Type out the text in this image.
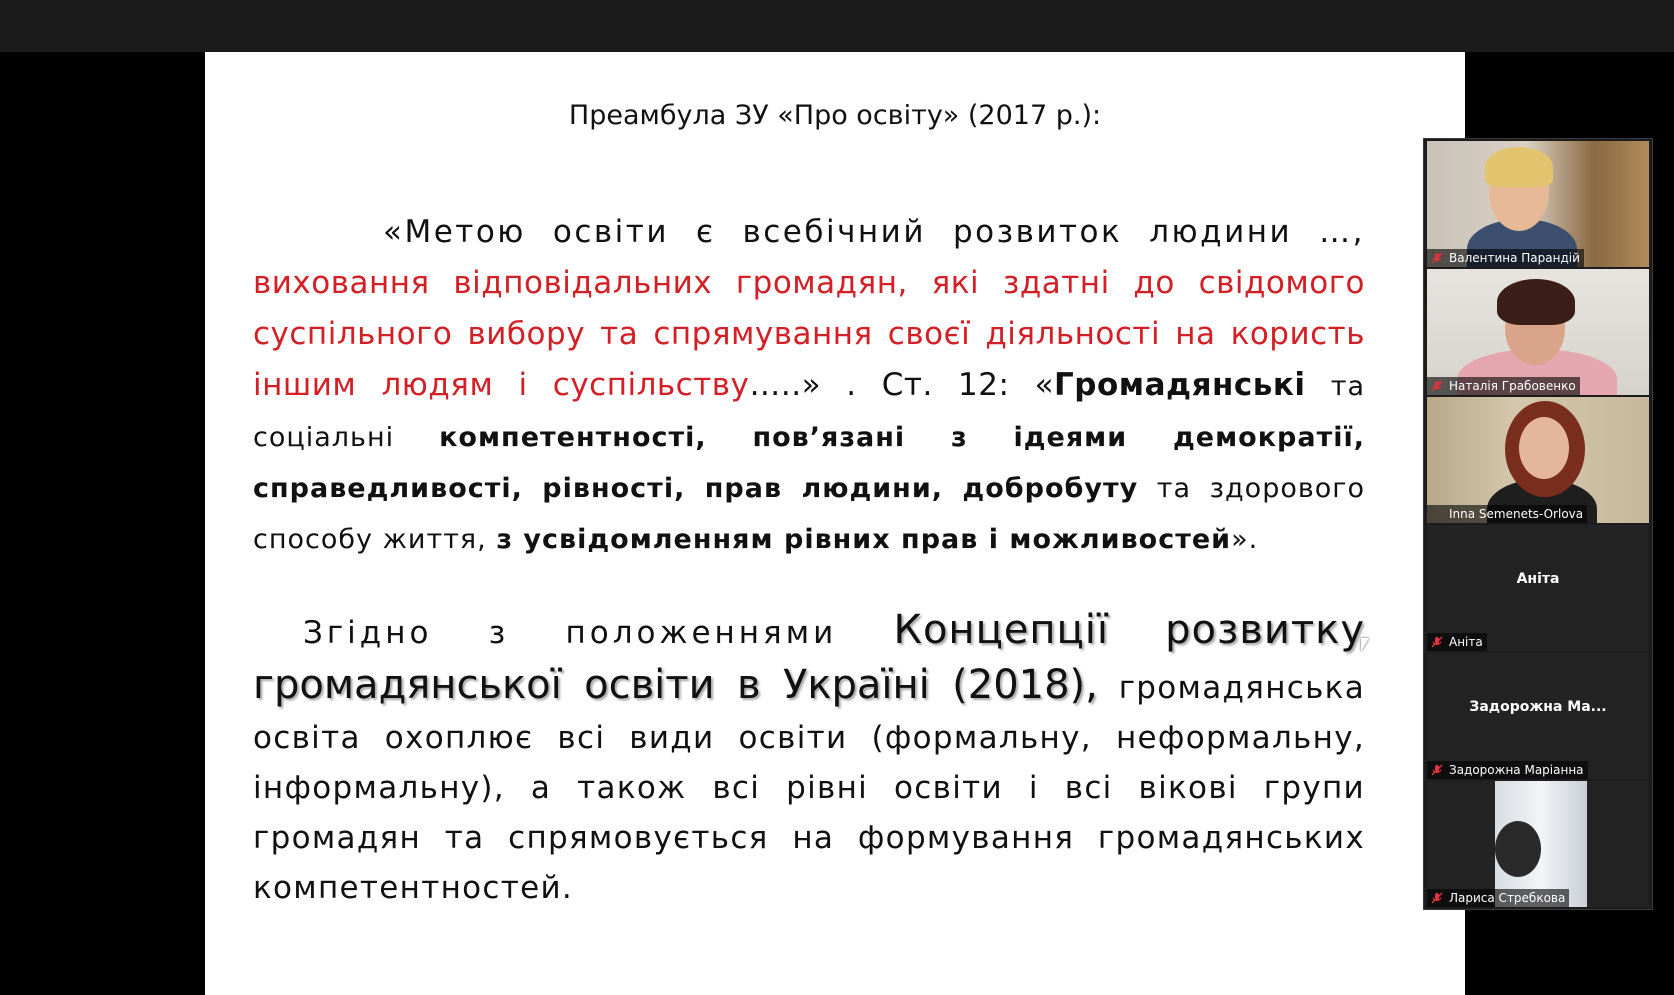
Преамбула ЗУ «Про освіту» (2017 р.):
«Метою освіти є всебічний розвиток людини …, виховання відповідальних громадян, які здатні до свідомого суспільного вибору та спрямування своєї діяльності на користь іншим людям і суспільству…..» . Ст. 12: «Громадянські та соціальні компетентності, пов’язані з ідеями демократії, справедливості, рівності, прав людини, добробуту та здорового способу життя, з усвідомленням рівних прав і можливостей».
Згідно з положеннями Концепції розвитку громадянської освіти в Україні (2018), громадянська освіта охоплює всі види освіти (формальну, неформальну, інформальну), а також всі рівні освіти і всі вікові групи громадян та спрямовується на формування громадянських компетентностей.
Валентина Парандій
Наталія Грабовенко
Inna Semenets-Orlova
Аніта
Аніта
Задорожна Ма...
Задорожна Маріанна
Лариса Стребкова
